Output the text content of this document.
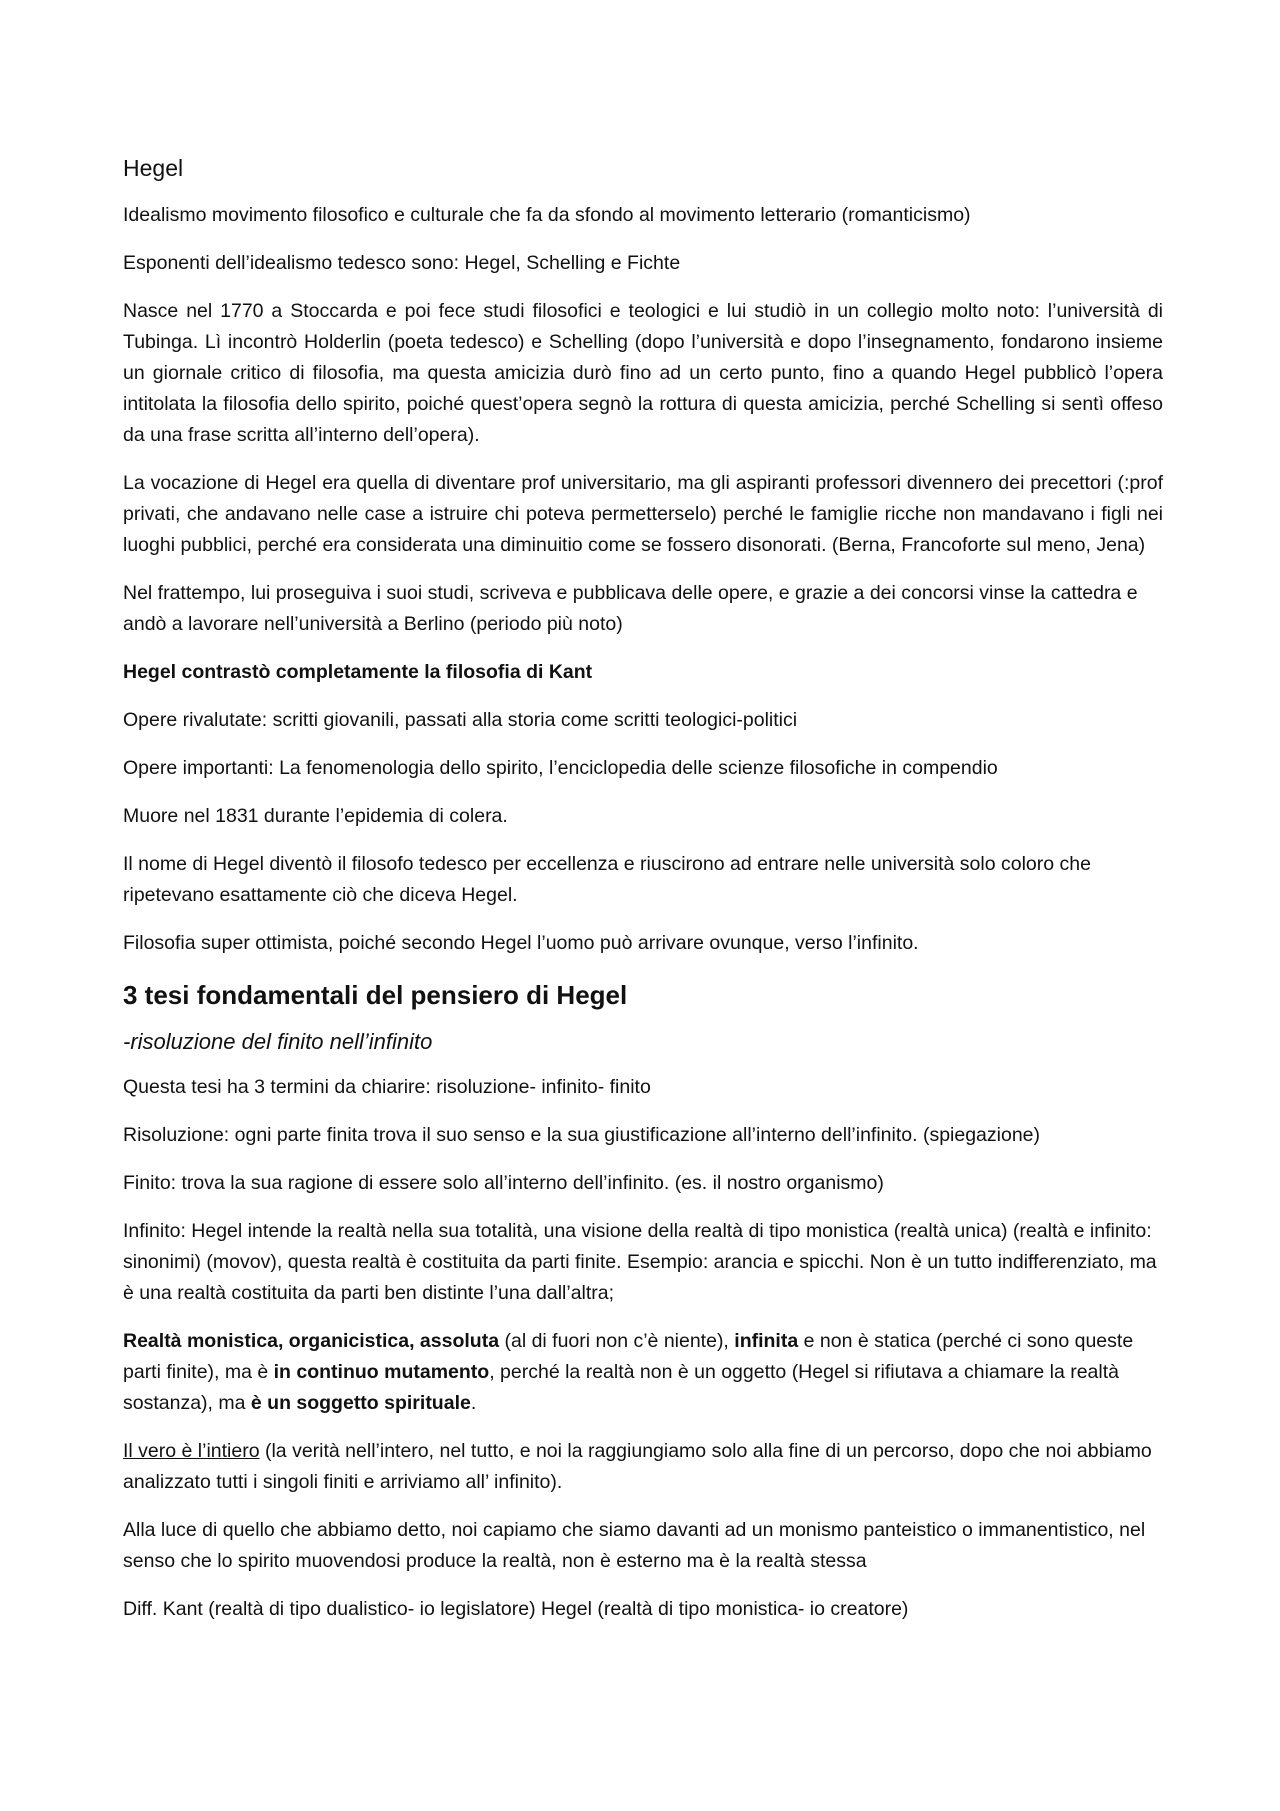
Hegel

Idealismo movimento filosofico e culturale che fa da sfondo al movimento letterario (romanticismo)

Esponenti dell’idealismo tedesco sono: Hegel, Schelling e Fichte

Nasce nel 1770 a Stoccarda e poi fece studi filosofici e teologici e lui studiò in un collegio molto noto: l’università di Tubinga. Lì incontrò Holderlin (poeta tedesco) e Schelling (dopo l’università e dopo l’insegnamento, fondarono insieme un giornale critico di filosofia, ma questa amicizia durò fino ad un certo punto, fino a quando Hegel pubblicò l’opera intitolata la filosofia dello spirito, poiché quest’opera segnò la rottura di questa amicizia, perché Schelling si sentì offeso da una frase scritta all’interno dell’opera).

La vocazione di Hegel era quella di diventare prof universitario, ma gli aspiranti professori divennero dei precettori (:prof privati, che andavano nelle case a istruire chi poteva permetterselo) perché le famiglie ricche non mandavano i figli nei luoghi pubblici, perché era considerata una diminuitio come se fossero disonorati. (Berna, Francoforte sul meno, Jena)

Nel frattempo, lui proseguiva i suoi studi, scriveva e pubblicava delle opere, e grazie a dei concorsi vinse la cattedra e andò a lavorare nell’università a Berlino (periodo più noto)

Hegel contrastò completamente la filosofia di Kant

Opere rivalutate: scritti giovanili, passati alla storia come scritti teologici-politici

Opere importanti: La fenomenologia dello spirito, l’enciclopedia delle scienze filosofiche in compendio

Muore nel 1831 durante l’epidemia di colera.

Il nome di Hegel diventò il filosofo tedesco per eccellenza e riuscirono ad entrare nelle università solo coloro che ripetevano esattamente ciò che diceva Hegel.

Filosofia super ottimista, poiché secondo Hegel l’uomo può arrivare ovunque, verso l’infinito.

3 tesi fondamentali del pensiero di Hegel

-risoluzione del finito nell’infinito

Questa tesi ha 3 termini da chiarire: risoluzione- infinito- finito

Risoluzione: ogni parte finita trova il suo senso e la sua giustificazione all’interno dell’infinito. (spiegazione)

Finito: trova la sua ragione di essere solo all’interno dell’infinito. (es. il nostro organismo)

Infinito: Hegel intende la realtà nella sua totalità, una visione della realtà di tipo monistica (realtà unica) (realtà e infinito: sinonimi) (movov), questa realtà è costituita da parti finite. Esempio: arancia e spicchi. Non è un tutto indifferenziato, ma è una realtà costituita da parti ben distinte l’una dall’altra;

Realtà monistica, organicistica, assoluta (al di fuori non c’è niente), infinita e non è statica (perché ci sono queste parti finite), ma è in continuo mutamento, perché la realtà non è un oggetto (Hegel si rifiutava a chiamare la realtà sostanza), ma è un soggetto spirituale.

Il vero è l’intiero (la verità nell’intero, nel tutto, e noi la raggiungiamo solo alla fine di un percorso, dopo che noi abbiamo analizzato tutti i singoli finiti e arriviamo all’ infinito).

Alla luce di quello che abbiamo detto, noi capiamo che siamo davanti ad un monismo panteistico o immanentistico, nel senso che lo spirito muovendosi produce la realtà, non è esterno ma è la realtà stessa

Diff. Kant (realtà di tipo dualistico- io legislatore) Hegel (realtà di tipo monistica- io creatore)
